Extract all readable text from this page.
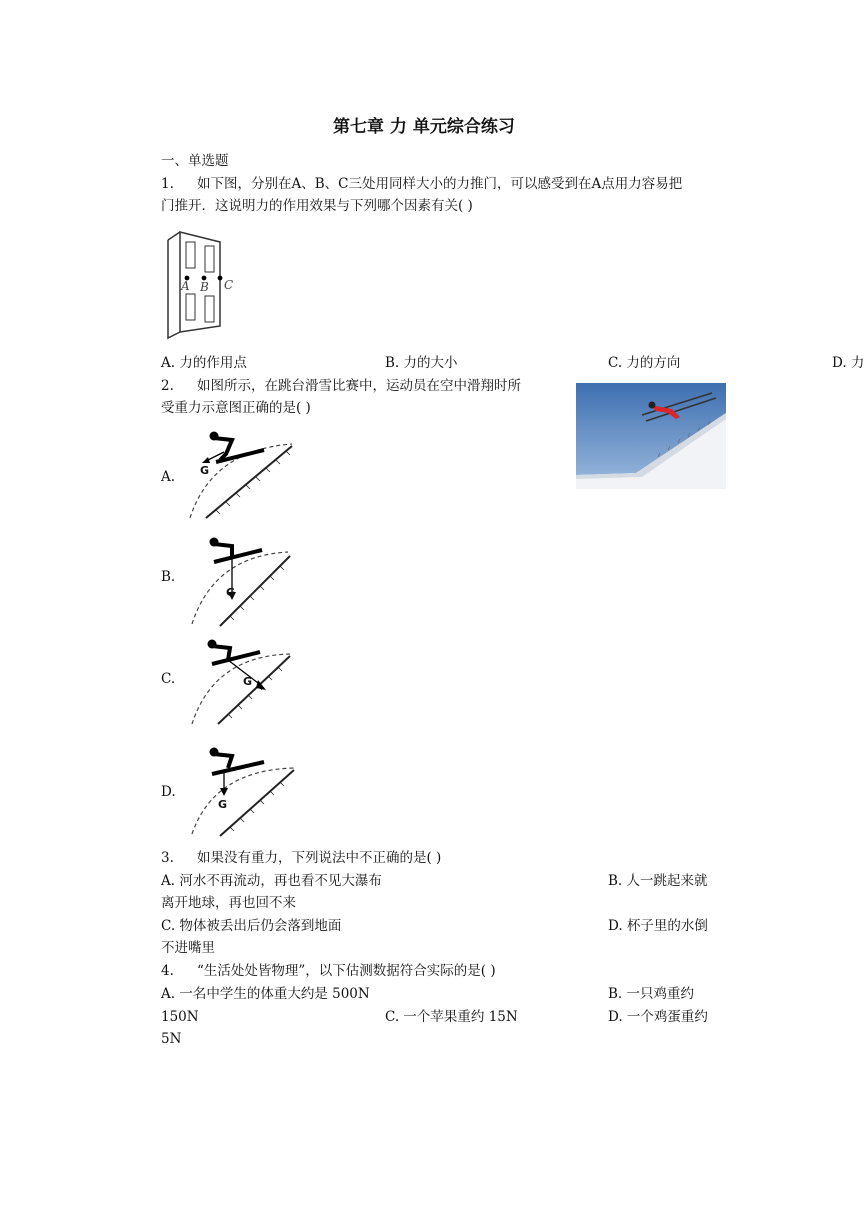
第七章 力 单元综合练习
一、单选题
1. 如下图，分别在A、B、C三处用同样大小的力推门，可以感受到在A点用力容易把
门推开．这说明力的作用效果与下列哪个因素有关( )
A B C
A. 力的作用点	B. 力的大小	C. 力的方向	D. 力
2. 如图所示，在跳台滑雪比赛中，运动员在空中滑翔时所
受重力示意图正确的是( )
A.
B.
C.
D.
G
G
G
G
3. 如果没有重力，下列说法中不正确的是( )
A. 河水不再流动，再也看不见大瀑布	B. 人一跳起来就
离开地球，再也回不来
C. 物体被丢出后仍会落到地面	D. 杯子里的水倒
不进嘴里
4. “生活处处皆物理”，以下估测数据符合实际的是( )
A. 一名中学生的体重大约是 500N	B. 一只鸡重约
150N	C. 一个苹果重约 15N	D. 一个鸡蛋重约
5N
